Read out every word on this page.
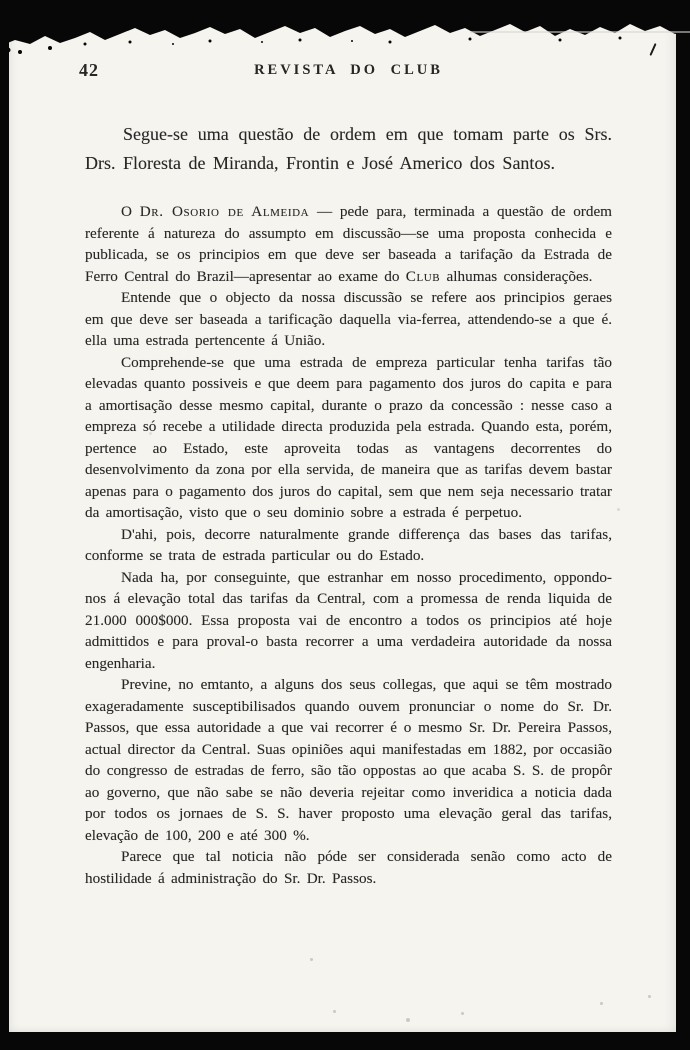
42	REVISTA DO CLUB

Segue-se uma questão de ordem em que tomam parte os Srs. Drs. Floresta de Miranda, Frontin e José Americo dos Santos.

O Dr. Osorio de Almeida — pede para, terminada a questão de ordem referente á natureza do assumpto em discussão—se uma proposta conhecida e publicada, se os principios em que deve ser baseada a tarifação da Estrada de Ferro Central do Brazil—apresentar ao exame do Club alhumas considerações.

Entende que o objecto da nossa discussão se refere aos principios geraes em que deve ser baseada a tarificação daquella via-ferrea, attendendo-se a que é. ella uma estrada pertencente á União.

Comprehende-se que uma estrada de empreza particular tenha tarifas tão elevadas quanto possiveis e que deem para pagamento dos juros do capita e para a amortisação desse mesmo capital, durante o prazo da concessão : nesse caso a empreza só recebe a utilidade directa produzida pela estrada. Quando esta, porém, pertence ao Estado, este aproveita todas as vantagens decorrentes do desenvolvimento da zona por ella servida, de maneira que as tarifas devem bastar apenas para o pagamento dos juros do capital, sem que nem seja necessario tratar da amortisação, visto que o seu dominio sobre a estrada é perpetuo.

D'ahi, pois, decorre naturalmente grande differença das bases das tarifas, conforme se trata de estrada particular ou do Estado.

Nada ha, por conseguinte, que estranhar em nosso procedimento, oppondo-nos á elevação total das tarifas da Central, com a promessa de renda liquida de 21.000 000$000. Essa proposta vai de encontro a todos os principios até hoje admittidos e para proval-o basta recorrer a uma verdadeira autoridade da nossa engenharia.

Previne, no emtanto, a alguns dos seus collegas, que aqui se têm mostrado exageradamente susceptibilisados quando ouvem pronunciar o nome do Sr. Dr. Passos, que essa autoridade a que vai recorrer é o mesmo Sr. Dr. Pereira Passos, actual director da Central. Suas opiniões aqui manifestadas em 1882, por occasião do congresso de estradas de ferro, são tão oppostas ao que acaba S. S. de propôr ao governo, que não sabe se não deveria rejeitar como inveridica a noticia dada por todos os jornaes de S. S. haver proposto uma elevação geral das tarifas, elevação de 100, 200 e até 300 %.

Parece que tal noticia não póde ser considerada senão como acto de hostilidade á administração do Sr. Dr. Passos.
